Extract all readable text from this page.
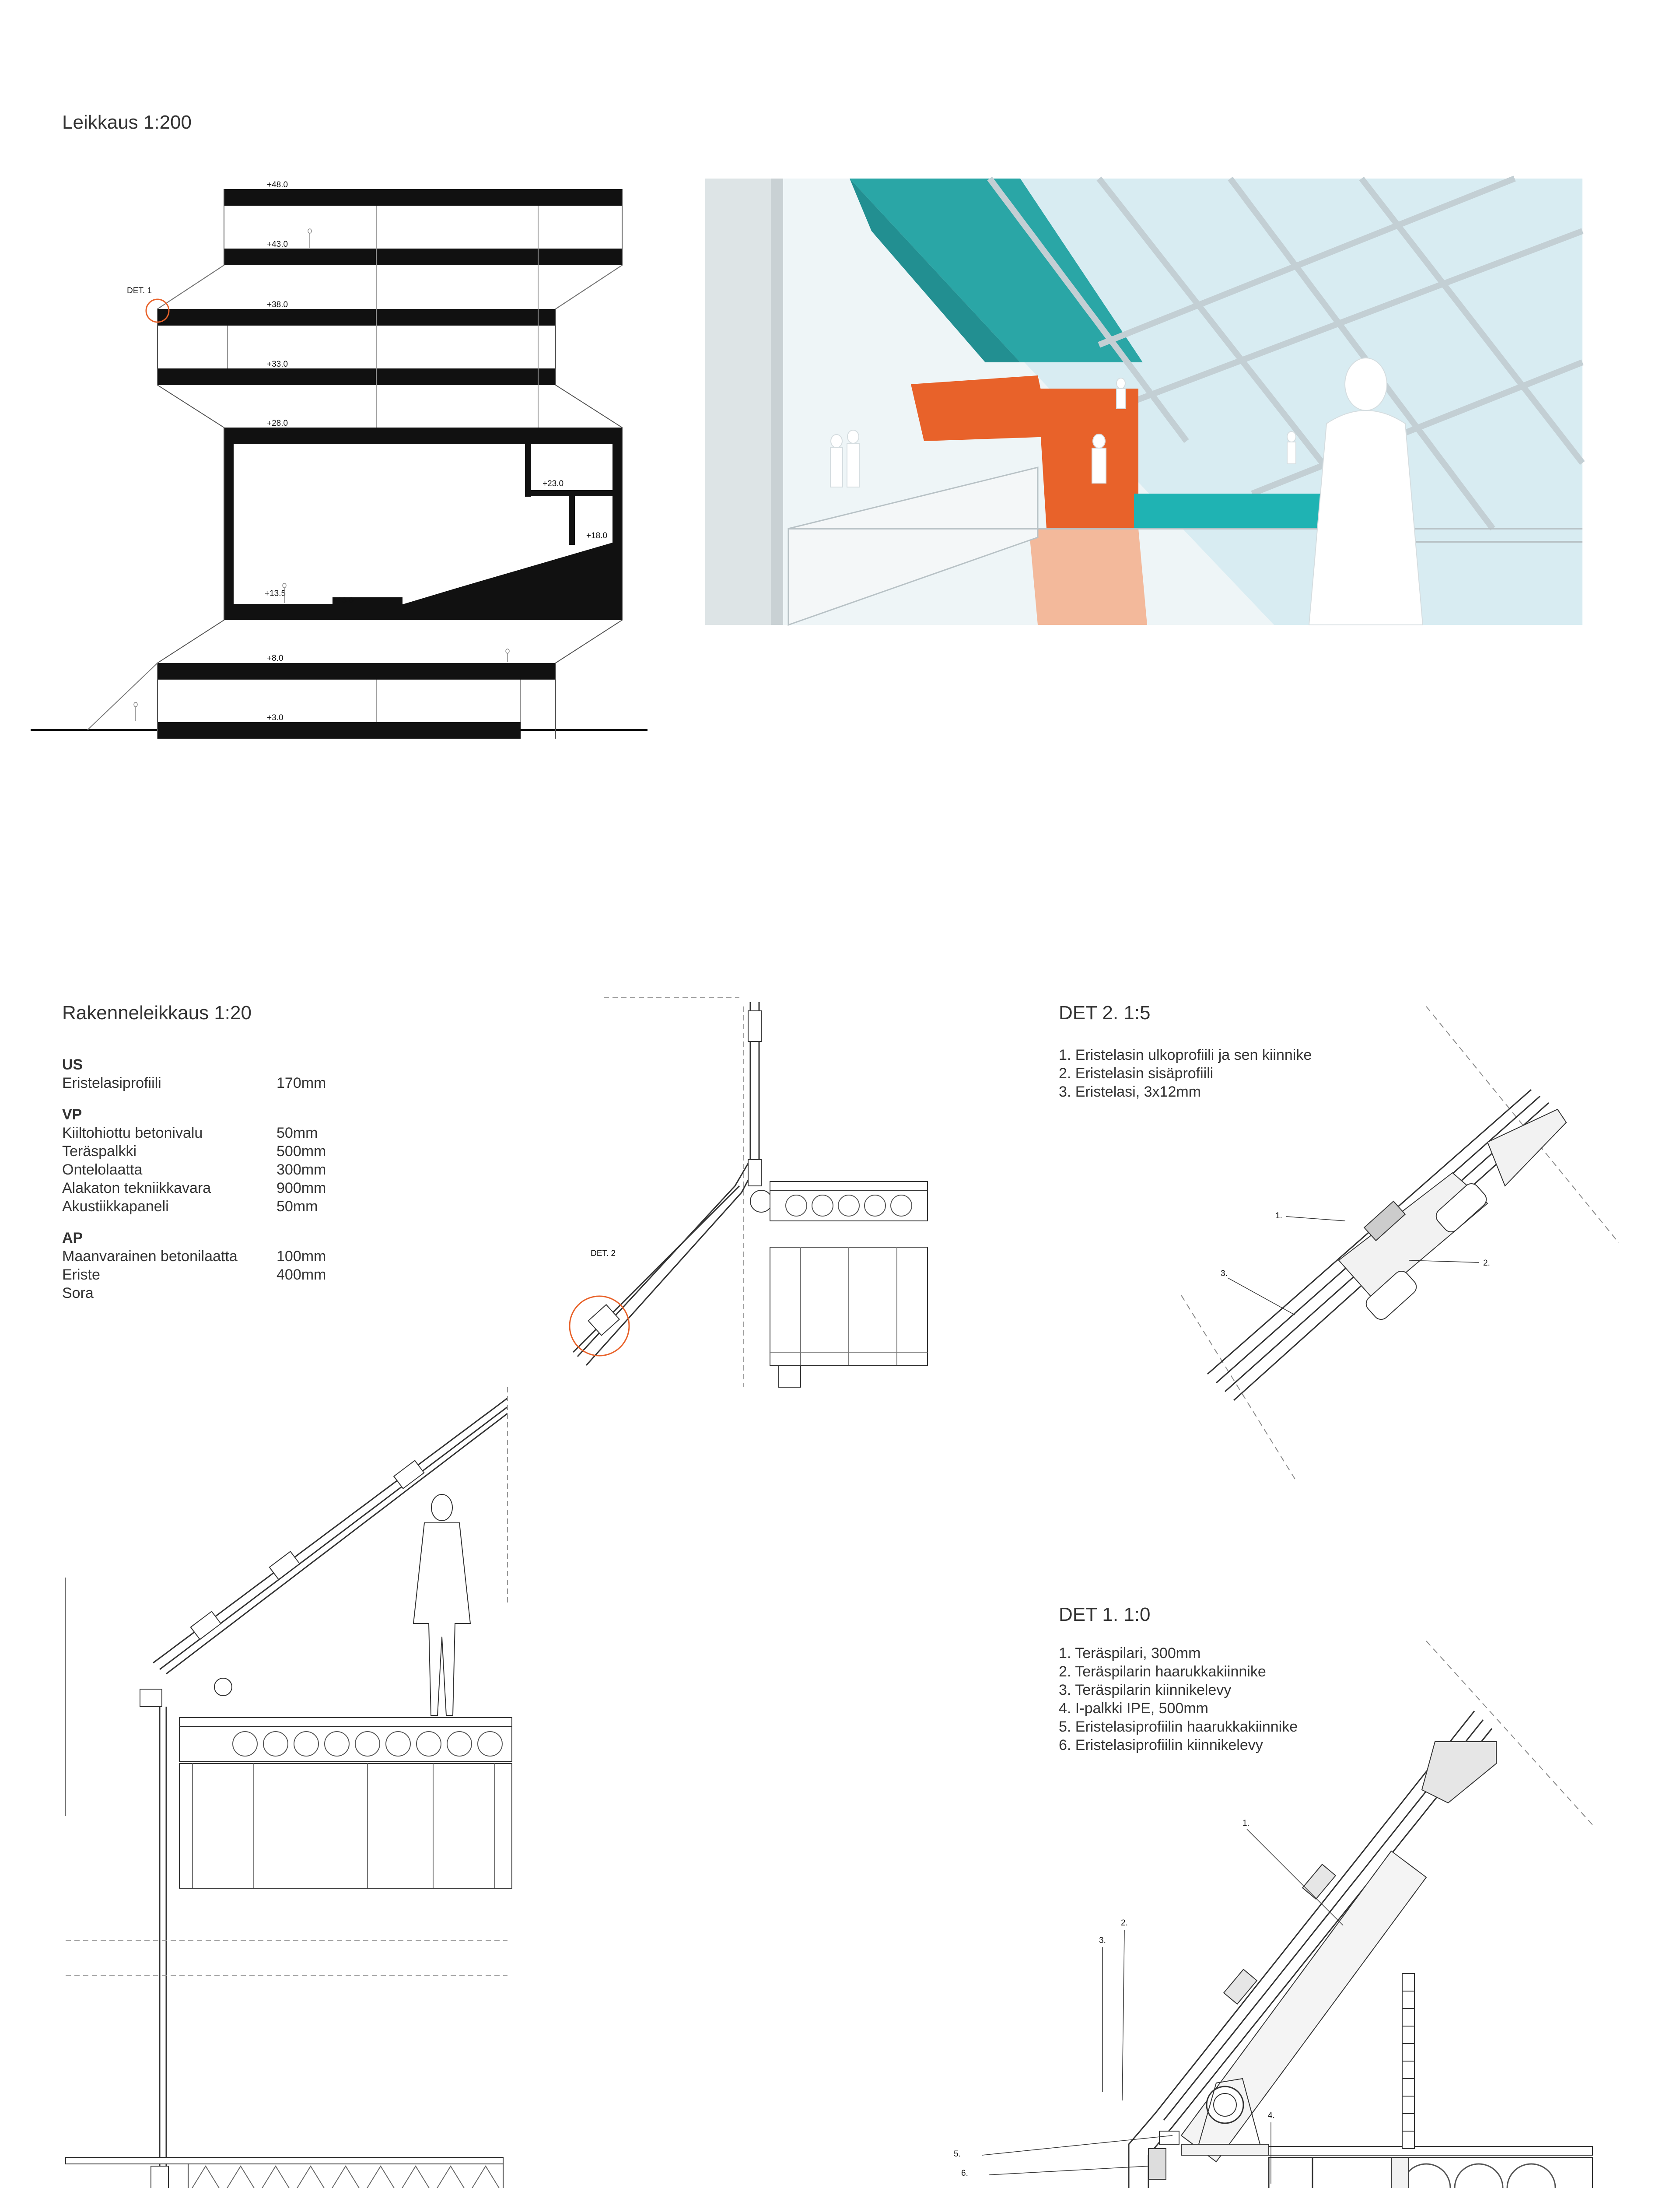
Leikkaus 1:200
DET. 1
+48.0
+43.0
+38.0
+33.0
+28.0
+23.0
+18.0
+13.5
+13.0
+8.0
+3.0
Rakenneleikkaus 1:20
US
Eristelasiprofiili	170mm
VP
Kiiltohiottu betonivalu	50mm
Teräspalkki	500mm
Ontelolaatta	300mm
Alakaton tekniikkavara	900mm
Akustiikkapaneli	50mm
AP
Maanvarainen betonilaatta	100mm
Eriste	400mm
Sora
DET. 2
DET 2. 1:5
1. Eristelasin ulkoprofiili ja sen kiinnike
2. Eristelasin sisäprofiili
3. Eristelasi, 3x12mm
1.
2.
3.
DET 1. 1:0
1. Teräspilari, 300mm
2. Teräspilarin haarukkakiinnike
3. Teräspilarin kiinnikelevy
4. I-palkki IPE, 500mm
5. Eristelasiprofiilin haarukkakiinnike
6. Eristelasiprofiilin kiinnikelevy
1.
2.
3.
4.
5.
6.
